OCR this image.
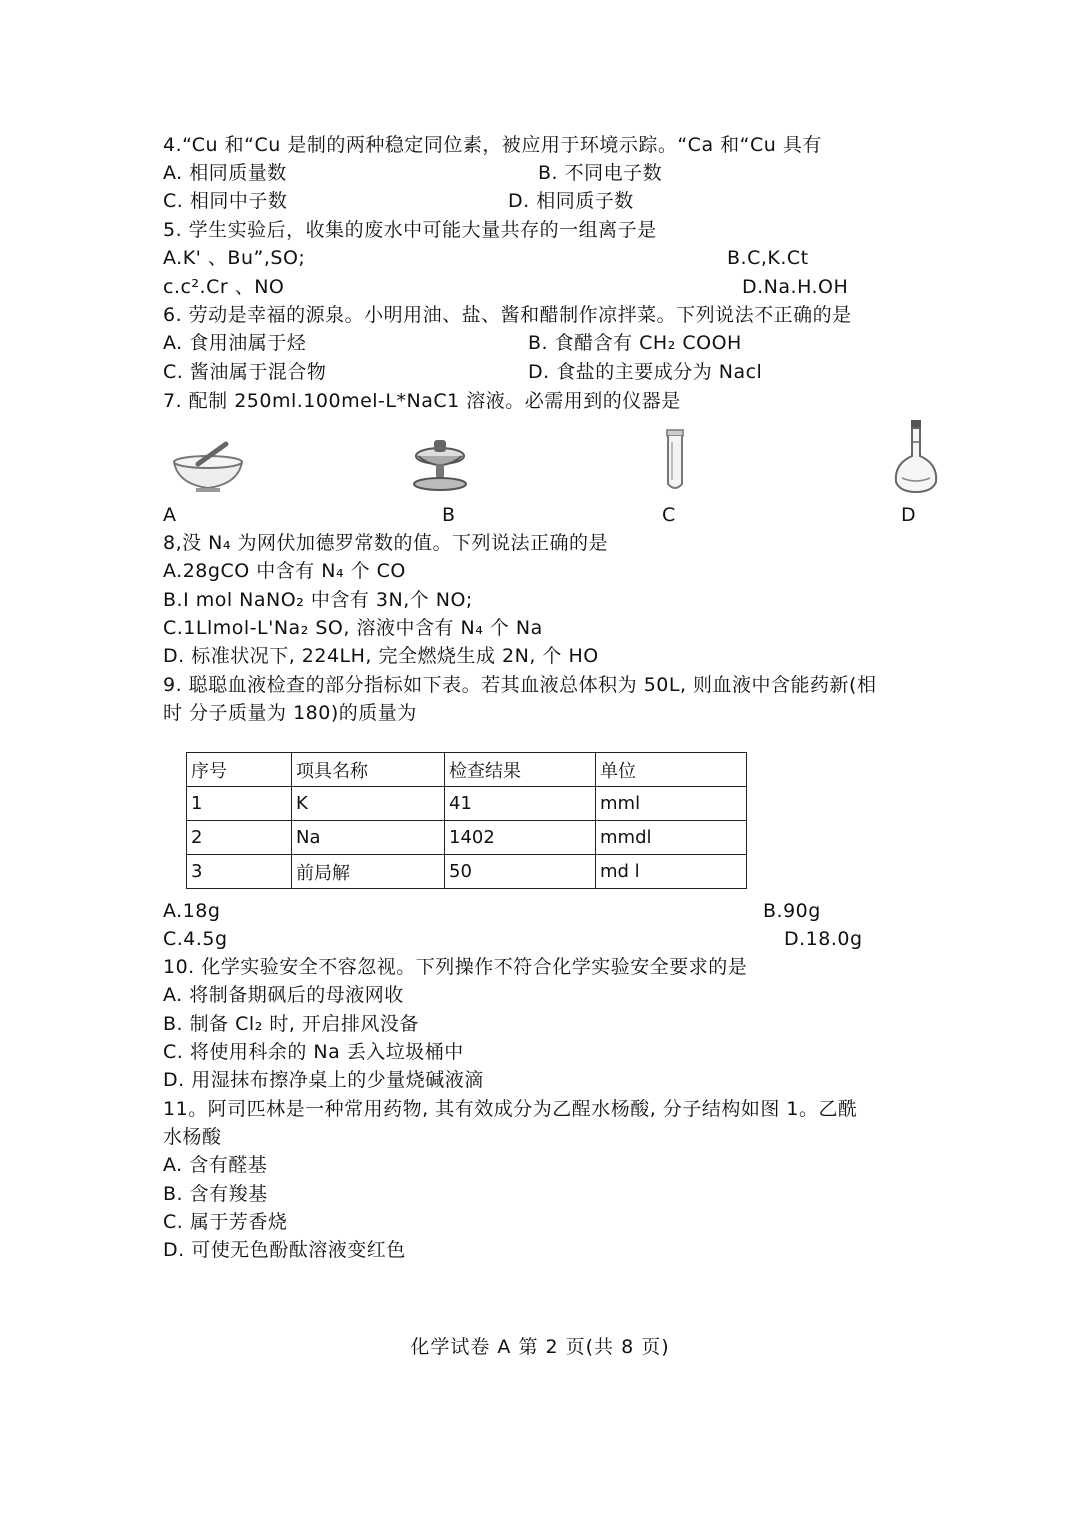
4.“Cu 和“Cu 是制的两种稳定同位素，被应用于环境示踪。“Ca 和“Cu 具有
A. 相同质量数	B. 不同电子数
C. 相同中子数	D. 相同质子数
5. 学生实验后，收集的废水中可能大量共存的一组离子是
A.K' 、Bu”,SO;	B.C,K.Ct
c.c².Cr 、NO	D.Na.H.OH
6. 劳动是幸福的源泉。小明用油、盐、酱和醋制作凉拌菜。下列说法不正确的是
A. 食用油属于烃	B. 食醋含有 CH₂ COOH
C. 酱油属于混合物	D. 食盐的主要成分为 Nacl
7. 配制 250ml.100mel-L*NaC1 溶液。必需用到的仪器是
A	B	C	D
8,没 N₄ 为网伏加德罗常数的值。下列说法正确的是
A.28gCO 中含有 N₄ 个 CO
B.I mol NaNO₂ 中含有 3N,个 NO;
C.1Llmol-L'Na₂ SO, 溶液中含有 N₄ 个 Na
D. 标准状况下, 224LH, 完全燃烧生成 2N, 个 HO
9. 聪聪血液检查的部分指标如下表。若其血液总体积为 50L, 则血液中含能药新(相
时 分子质量为 180)的质量为
序号	项具名称	检查结果	单位
1	K	41	mml
2	Na	1402	mmdl
3	前局解	50	md l
A.18g	B.90g
C.4.5g	D.18.0g
10. 化学实验安全不容忽视。下列操作不符合化学实验安全要求的是
A. 将制备期砜后的母液网收
B. 制备 Cl₂ 时, 开启排风没备
C. 将使用科余的 Na 丢入垃圾桶中
D. 用湿抹布擦净桌上的少量烧碱液滴
11。阿司匹林是一种常用药物, 其有效成分为乙酲水杨酸, 分子结构如图 1。乙酰
水杨酸
A. 含有醛基
B. 含有羧基
C. 属于芳香烧
D. 可使无色酚酞溶液变红色
化学试卷 A 第 2 页(共 8 页)
